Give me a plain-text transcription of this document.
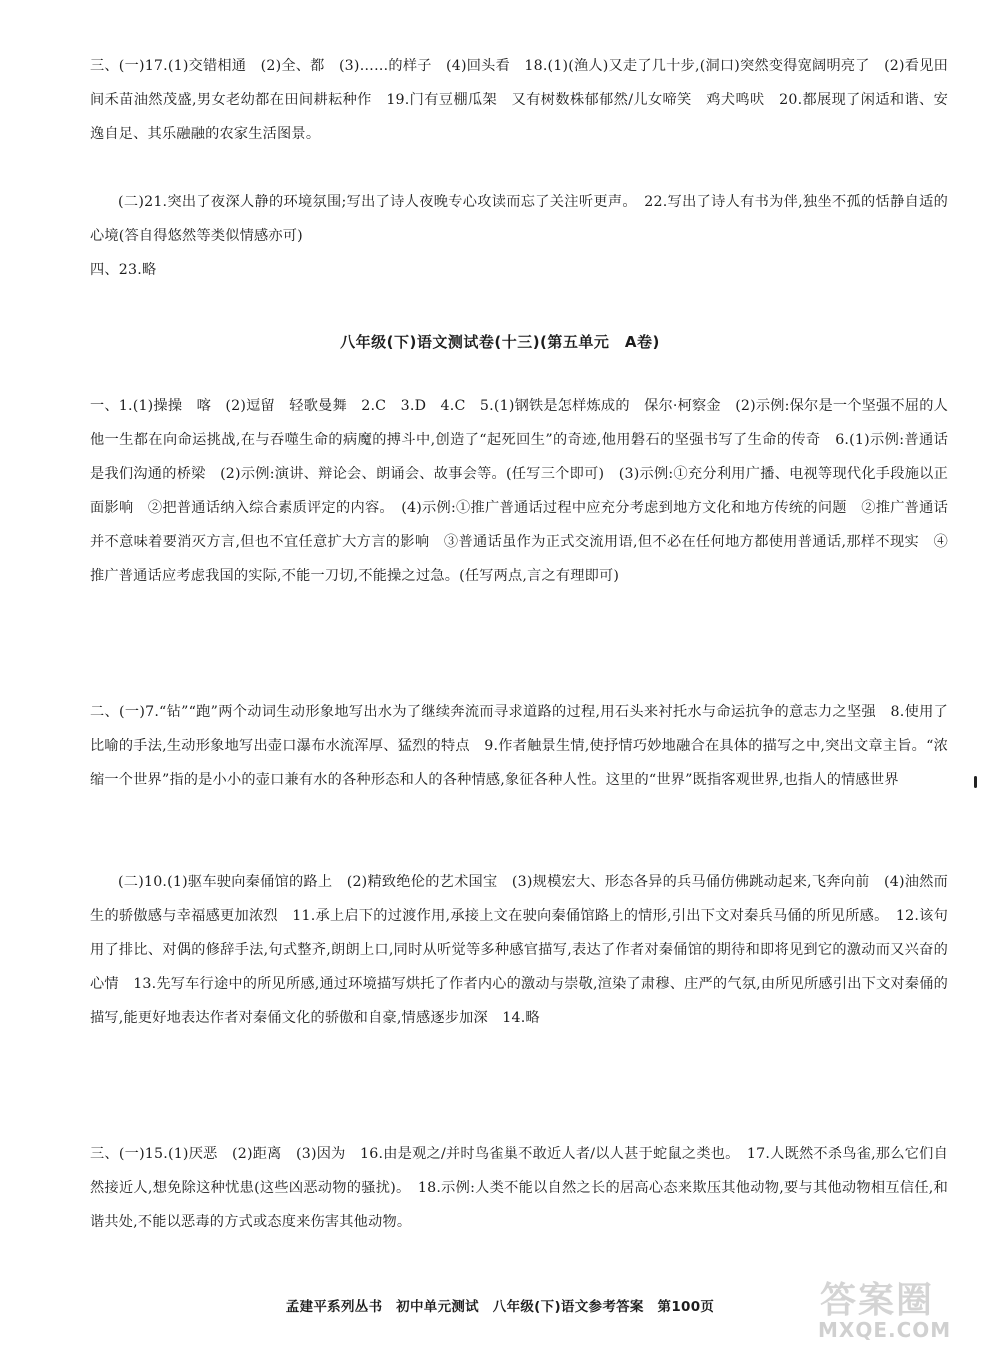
三、(一)17.(1)交错相通　(2)全、都　(3)……的样子　(4)回头看　18.(1)(渔人)又走了几十步,(洞口)突然变得宽阔明亮了　(2)看见田间禾苗油然茂盛,男女老幼都在田间耕耘种作　19.门有豆棚瓜架　又有树数株郁郁然/儿女啼笑　鸡犬鸣吠　20.都展现了闲适和谐、安逸自足、其乐融融的农家生活图景。
(二)21.突出了夜深人静的环境氛围;写出了诗人夜晚专心攻读而忘了关注听更声。　22.写出了诗人有书为伴,独坐不孤的恬静自适的心境(答自得悠然等类似情感亦可)
四、23.略
八年级(下)语文测试卷(十三)(第五单元　A卷)
一、1.(1)操操　喀　(2)逗留　轻歌曼舞　2.C　3.D　4.C　5.(1)钢铁是怎样炼成的　保尔·柯察金　(2)示例:保尔是一个坚强不屈的人　他一生都在向命运挑战,在与吞噬生命的病魔的搏斗中,创造了“起死回生”的奇迹,他用磐石的坚强书写了生命的传奇　6.(1)示例:普通话是我们沟通的桥梁　(2)示例:演讲、辩论会、朗诵会、故事会等。(任写三个即可)　(3)示例:①充分利用广播、电视等现代化手段施以正面影响　②把普通话纳入综合素质评定的内容。　(4)示例:①推广普通话过程中应充分考虑到地方文化和地方传统的问题　②推广普通话并不意味着要消灭方言,但也不宜任意扩大方言的影响　③普通话虽作为正式交流用语,但不必在任何地方都使用普通话,那样不现实　④推广普通话应考虑我国的实际,不能一刀切,不能操之过急。(任写两点,言之有理即可)
二、(一)7.“钻”“跑”两个动词生动形象地写出水为了继续奔流而寻求道路的过程,用石头来衬托水与命运抗争的意志力之坚强　8.使用了比喻的手法,生动形象地写出壶口瀑布水流浑厚、猛烈的特点　9.作者触景生情,使抒情巧妙地融合在具体的描写之中,突出文章主旨。“浓缩一个世界”指的是小小的壶口兼有水的各种形态和人的各种情感,象征各种人性。这里的“世界”既指客观世界,也指人的情感世界
(二)10.(1)驱车驶向秦俑馆的路上　(2)精致绝伦的艺术国宝　(3)规模宏大、形态各异的兵马俑仿佛跳动起来,飞奔向前　(4)油然而生的骄傲感与幸福感更加浓烈　11.承上启下的过渡作用,承接上文在驶向秦俑馆路上的情形,引出下文对秦兵马俑的所见所感。　12.该句用了排比、对偶的修辞手法,句式整齐,朗朗上口,同时从听觉等多种感官描写,表达了作者对秦俑馆的期待和即将见到它的激动而又兴奋的心情　13.先写车行途中的所见所感,通过环境描写烘托了作者内心的激动与崇敬,渲染了肃穆、庄严的气氛,由所见所感引出下文对秦俑的描写,能更好地表达作者对秦俑文化的骄傲和自豪,情感逐步加深　14.略
三、(一)15.(1)厌恶　(2)距离　(3)因为　16.由是观之/并时鸟雀巢不敢近人者/以人甚于蛇鼠之类也。　17.人既然不杀鸟雀,那么它们自然接近人,想免除这种忧患(这些凶恶动物的骚扰)。　18.示例:人类不能以自然之长的居高心态来欺压其他动物,要与其他动物相互信任,和谐共处,不能以恶毒的方式或态度来伤害其他动物。
孟建平系列丛书　初中单元测试　八年级(下)语文参考答案　第100页	答案圈
MXQE.COM
